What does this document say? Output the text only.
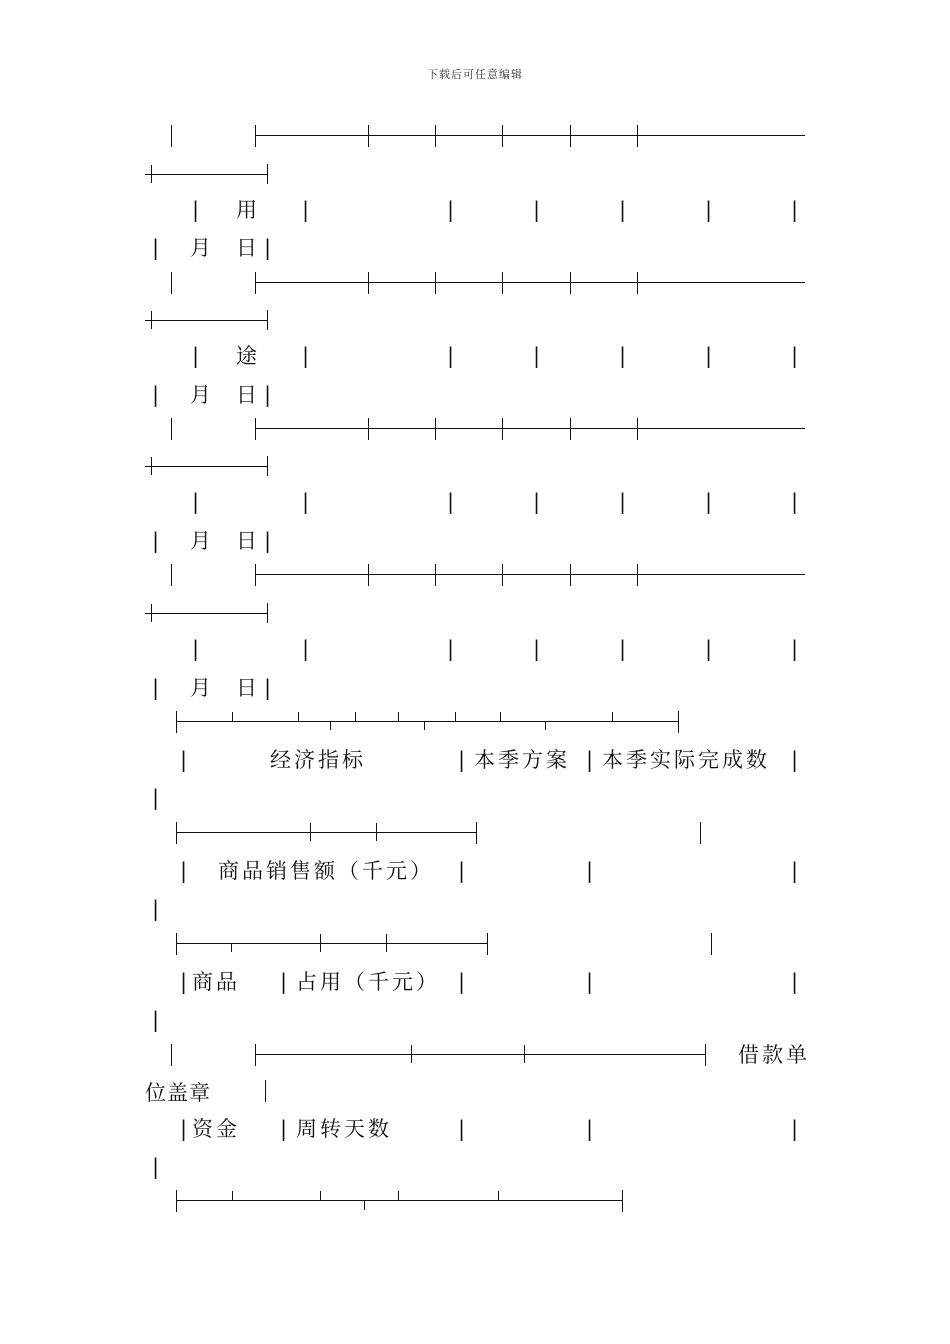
下载后可任意编辑
| 用 |	|	|	|	|	|
| 月 日 |
| 途 |	|	|	|	|	|
| 月 日 |
|	|	|	|	|	|	|
| 月 日 |
|	|	|	|	|	|	|
| 月 日 |
|	经济指标	| 本季方案 | 本季实际完成数 |
|
| 商品销售额（千元） |	|	|
|
| 商品 | 占用（千元） |	|	|
|
借款单
位盖章
| 资金 | 周转天数	|	|	|
|
